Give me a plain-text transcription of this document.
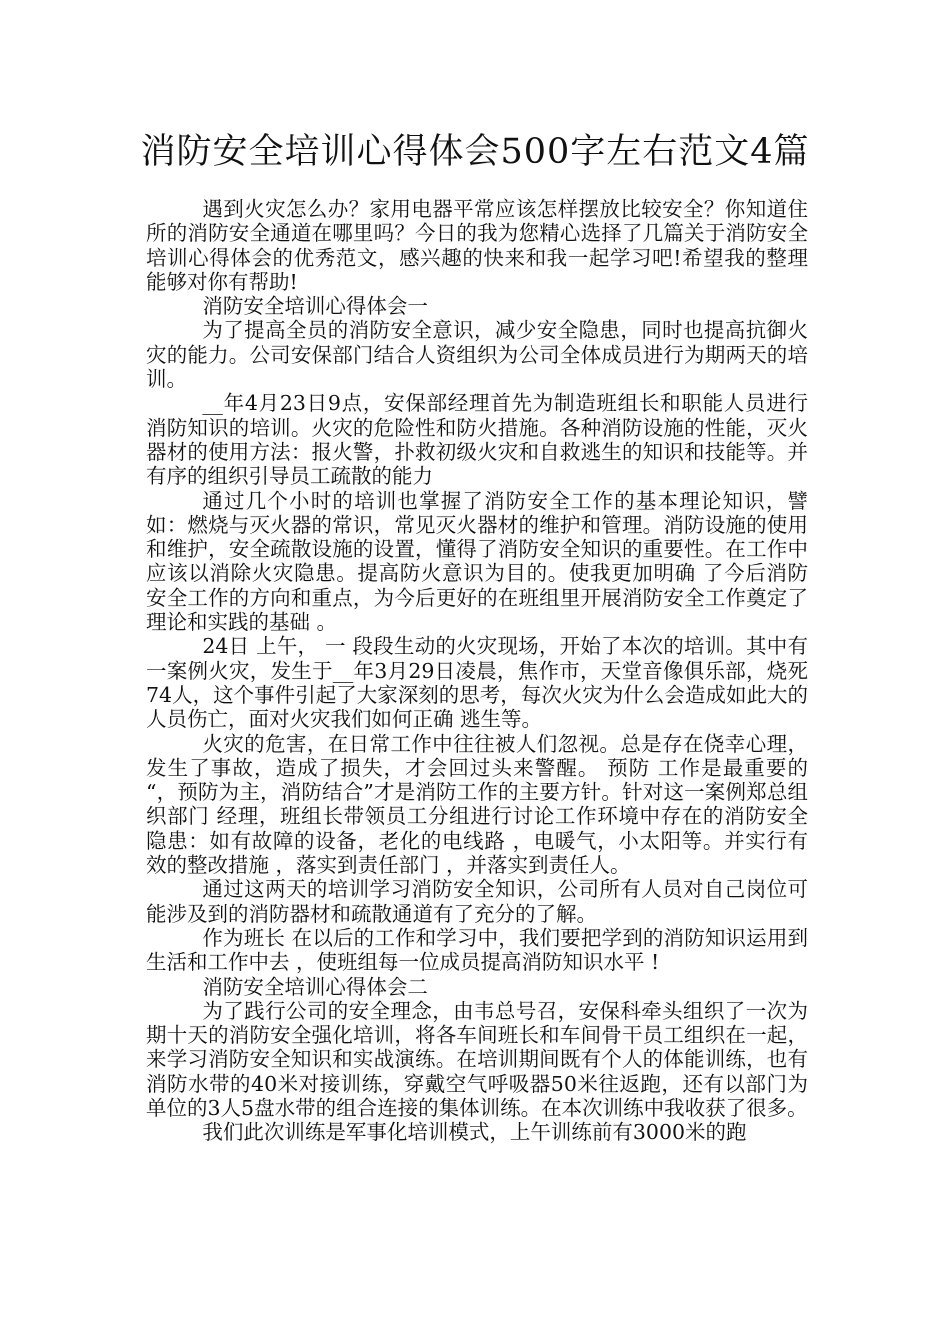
消防安全培训心得体会500字左右范文4篇

遇到火灾怎么办？家用电器平常应该怎样摆放比较安全？你知道住所的消防安全通道在哪里吗？今日的我为您精心选择了几篇关于消防安全培训心得体会的优秀范文，感兴趣的快来和我一起学习吧!希望我的整理能够对你有帮助!

消防安全培训心得体会一

为了提高全员的消防安全意识，减少安全隐患，同时也提高抗御火灾的能力。公司安保部门结合人资组织为公司全体成员进行为期两天的培训。

__年4月23日9点，安保部经理首先为制造班组长和职能人员进行消防知识的培训。火灾的危险性和防火措施。各种消防设施的性能，灭火器材的使用方法：报火警，扑救初级火灾和自救逃生的知识和技能等。并有序的组织引导员工疏散的能力

通过几个小时的培训也掌握了消防安全工作的基本理论知识，譬如：燃烧与灭火器的常识，常见灭火器材的维护和管理。消防设施的使用和维护，安全疏散设施的设置，懂得了消防安全知识的重要性。在工作中应该以消除火灾隐患。提高防火意识为目的。使我更加明确 了今后消防安全工作的方向和重点，为今后更好的在班组里开展消防安全工作奠定了理论和实践的基础 。

24日 上午， 一 段段生动的火灾现场，开始了本次的培训。其中有一案例火灾，发生于__年3月29日凌晨，焦作市，天堂音像俱乐部，烧死74人，这个事件引起了大家深刻的思考，每次火灾为什么会造成如此大的人员伤亡，面对火灾我们如何正确 逃生等。

火灾的危害，在日常工作中往往被人们忽视。总是存在侥幸心理，发生了事故，造成了损失，才会回过头来警醒。 预防 工作是最重要的 “，预防为主，消防结合”才是消防工作的主要方针。针对这一案例郑总组织部门 经理，班组长带领员工分组进行讨论工作环境中存在的消防安全隐患：如有故障的设备，老化的电线路 ，电暖气，小太阳等。并实行有效的整改措施 ，落实到责任部门 ，并落实到责任人。

通过这两天的培训学习消防安全知识，公司所有人员对自己岗位可能涉及到的消防器材和疏散通道有了充分的了解。

作为班长 在以后的工作和学习中，我们要把学到的消防知识运用到生活和工作中去 ，使班组每一位成员提高消防知识水平 !

消防安全培训心得体会二

为了践行公司的安全理念，由韦总号召，安保科牵头组织了一次为期十天的消防安全强化培训，将各车间班长和车间骨干员工组织在一起，来学习消防安全知识和实战演练。在培训期间既有个人的体能训练，也有消防水带的40米对接训练，穿戴空气呼吸器50米往返跑，还有以部门为单位的3人5盘水带的组合连接的集体训练。在本次训练中我收获了很多。

我们此次训练是军事化培训模式，上午训练前有3000米的跑
